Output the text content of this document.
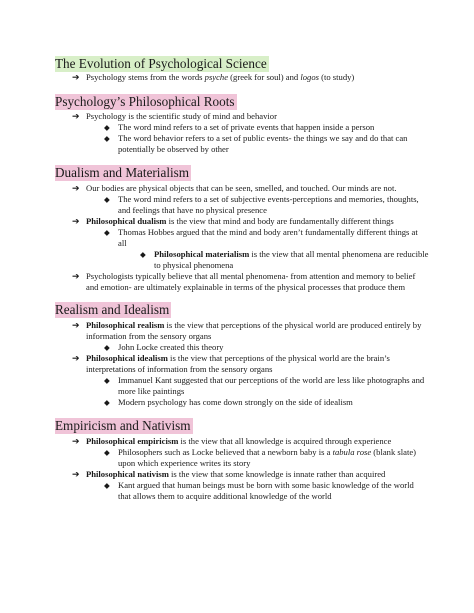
The Evolution of Psychological Science
➔ Psychology stems from the words psyche (greek for soul) and logos (to study)
Psychology’s Philosophical Roots
➔ Psychology is the scientific study of mind and behavior
◆ The word mind refers to a set of private events that happen inside a person
◆ The word behavior refers to a set of public events- the things we say and do that can
potentially be observed by other
Dualism and Materialism
➔ Our bodies are physical objects that can be seen, smelled, and touched. Our minds are not.
◆ The word mind refers to a set of subjective events-perceptions and memories, thoughts,
and feelings that have no physical presence
➔ Philosophical dualism is the view that mind and body are fundamentally different things
◆ Thomas Hobbes argued that the mind and body aren’t fundamentally different things at
all
◆ Philosophical materialism is the view that all mental phenomena are reducible
to physical phenomena
➔ Psychologists typically believe that all mental phenomena- from attention and memory to belief
and emotion- are ultimately explainable in terms of the physical processes that produce them
Realism and Idealism
➔ Philosophical realism is the view that perceptions of the physical world are produced entirely by
information from the sensory organs
◆ John Locke created this theory
➔ Philosophical idealism is the view that perceptions of the physical world are the brain’s
interpretations of information from the sensory organs
◆ Immanuel Kant suggested that our perceptions of the world are less like photographs and
more like paintings
◆ Modern psychology has come down strongly on the side of idealism
Empiricism and Nativism
➔ Philosophical empiricism is the view that all knowledge is acquired through experience
◆ Philosophers such as Locke believed that a newborn baby is a tabula rose (blank slate)
upon which experience writes its story
➔ Philosophical nativism is the view that some knowledge is innate rather than acquired
◆ Kant argued that human beings must be born with some basic knowledge of the world
that allows them to acquire additional knowledge of the world
